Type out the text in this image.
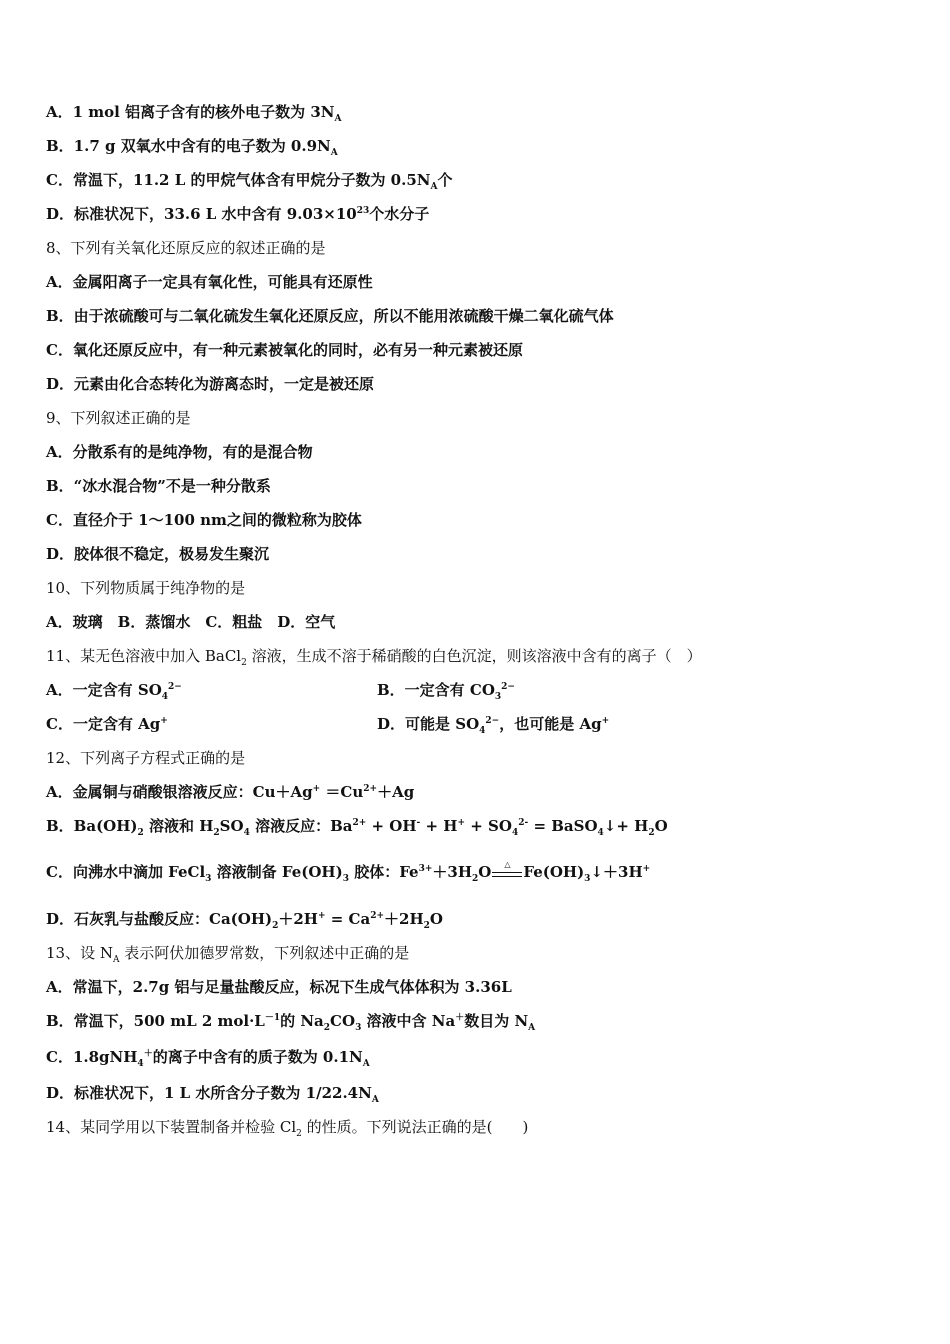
A．1 mol 铝离子含有的核外电子数为 $3N_A$
B．1.7 g 双氧水中含有的电子数为 $0.9N_A$
C．常温下，11.2 L 的甲烷气体含有甲烷分子数为 $0.5N_A$个
D．标准状况下，33.6 L 水中含有 $9.03\times 10^{23}$个水分子
8、下列有关氧化还原反应的叙述正确的是
A．金属阳离子一定具有氧化性，可能具有还原性
B．由于浓硫酸可与二氧化硫发生氧化还原反应，所以不能用浓硫酸干燥二氧化硫气体
C．氧化还原反应中，有一种元素被氧化的同时，必有另一种元素被还原
D．元素由化合态转化为游离态时，一定是被还原
9、下列叙述正确的是
A．分散系有的是纯净物，有的是混合物
B．“冰水混合物”不是一种分散系
C．直径介于 1～100 nm之间的微粒称为胶体
D．胶体很不稳定，极易发生聚沉
10、下列物质属于纯净物的是
A．玻璃　B．蒸馏水　C．粗盐　D．空气
11、某无色溶液中加入 BaCl$_2$ 溶液，生成不溶于稀硝酸的白色沉淀，则该溶液中含有的离子（　）
A．一定含有 $SO_4^{2-}$	B．一定含有 $CO_3^{2-}$
C．一定含有 Ag+	D．可能是 $SO_4^{2-}$，也可能是 Ag+
12、下列离子方程式正确的是
A．金属铜与硝酸银溶液反应：$Cu+Ag^+ =Cu^{2+}+Ag$
B．$Ba(OH)_2$ 溶液和 $H_2SO_4$ 溶液反应：$Ba^{2+} + OH^- + H^+ + SO_4^{2-}$ = BaSO$_4$↓+ $H_2O$
C．向沸水中滴加 FeCl$_3$ 溶液制备 $Fe(OH)_3$ 胶体：$Fe^{3+}+3H_2O$ △ $Fe(OH)_3↓+3H^+$
D．石灰乳与盐酸反应：$Ca(OH)_2+2H^+ = Ca^{2+}+2H_2O$
13、设 $N_A$ 表示阿伏加德罗常数，下列叙述中正确的是
A．常温下，2.7g 铝与足量盐酸反应，标况下生成气体体积为 3.36L
B．常温下，500 mL 2 $mol\cdot L^{-1}$的 $Na_2CO_3$ 溶液中含 Na＋数目为 $N_A$
C．1.8gNH$_4$＋的离子中含有的质子数为 $0.1N_A$
D．标准状况下，1 L 水所含分子数为 $1/22.4N_A$
14、某同学用以下装置制备并检验 $Cl_2$ 的性质。下列说法正确的是(　　)
